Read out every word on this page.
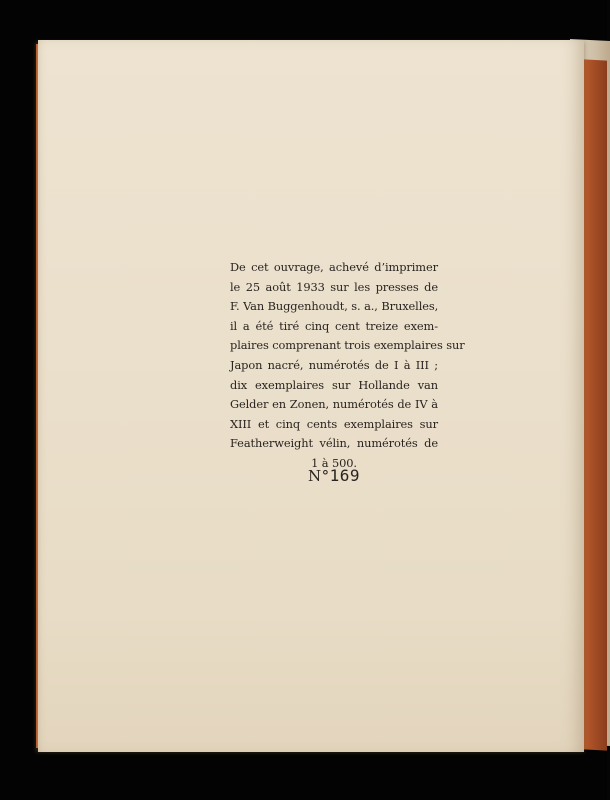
De cet ouvrage, achevé d’imprimer
le 25 août 1933 sur les presses de
F. Van Buggenhoudt, s. a., Bruxelles,
il a été tiré cinq cent treize exem-
plaires comprenant trois exemplaires sur
Japon nacré, numérotés de I à III ;
dix exemplaires sur Hollande van
Gelder en Zonen, numérotés de IV à
XIII et cinq cents exemplaires sur
Featherweight vélin, numérotés de
1 à 500.
N°169
